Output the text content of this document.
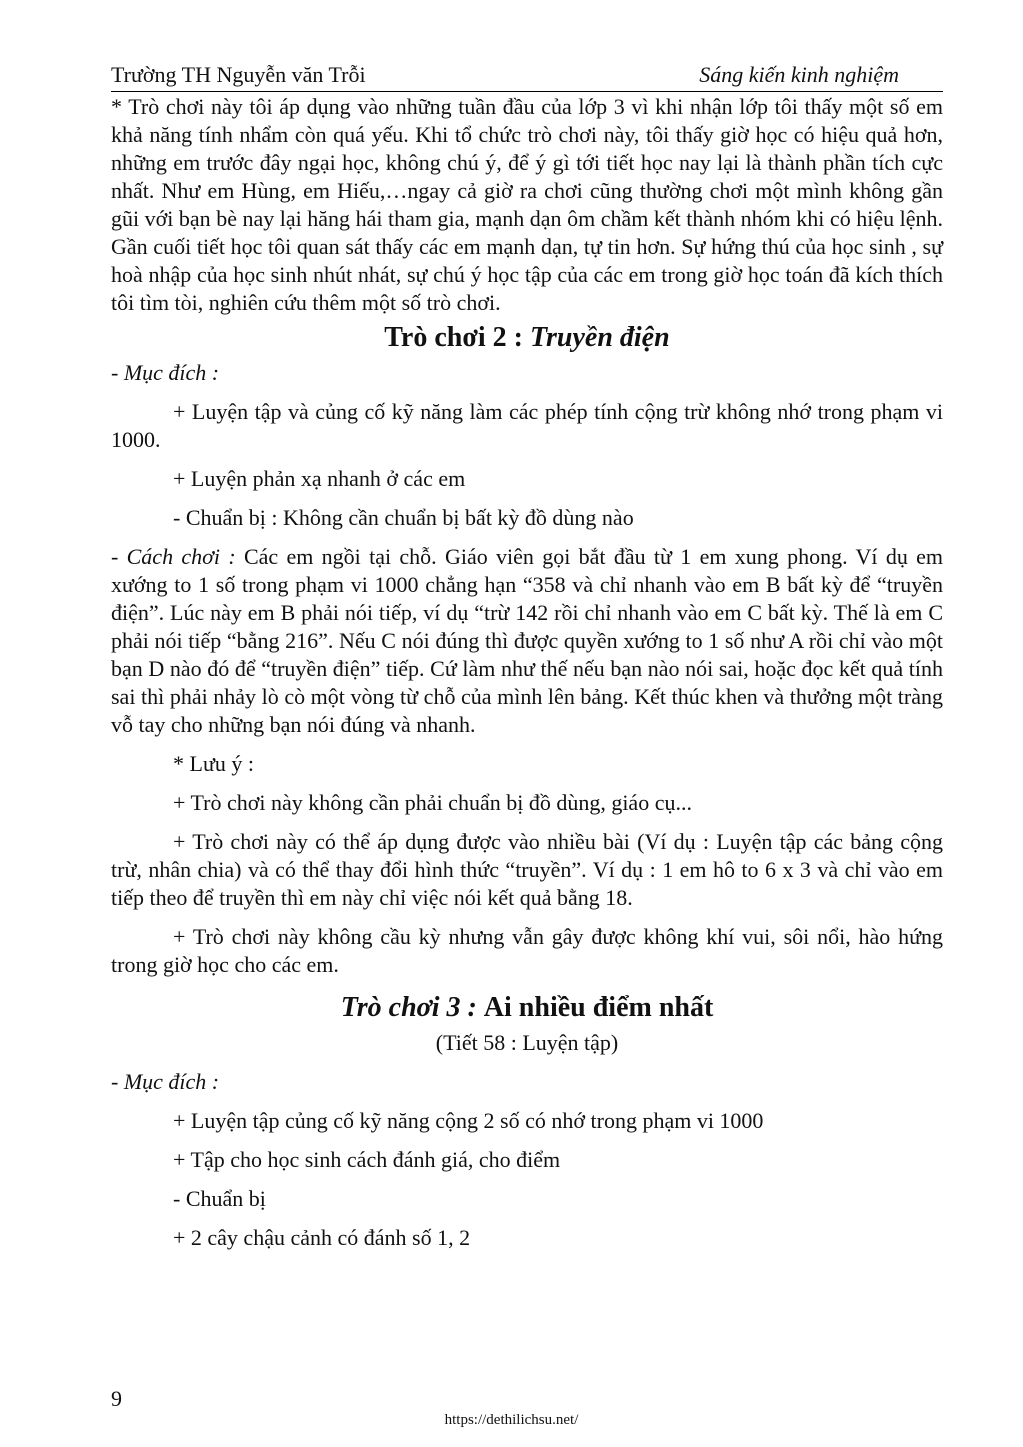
Trường TH Nguyễn văn Trỗi	Sáng kiến kinh nghiệm

* Trò chơi này tôi áp dụng vào những tuần đầu của lớp 3 vì khi nhận lớp tôi thấy một số em khả năng tính nhẩm còn quá yếu. Khi tổ chức trò chơi này, tôi thấy giờ học có hiệu quả hơn, những em trước đây ngại học, không chú ý, để ý gì tới tiết học nay lại là thành phần tích cực nhất. Như em Hùng, em Hiếu,…ngay cả giờ ra chơi cũng thường chơi một mình không gần gũi với bạn bè nay lại hăng hái tham gia, mạnh dạn ôm chầm kết thành nhóm khi có hiệu lệnh. Gần cuối tiết học tôi quan sát thấy các em mạnh dạn, tự tin hơn. Sự hứng thú của học sinh , sự hoà nhập của học sinh nhút nhát, sự chú ý học tập của các em trong giờ học toán đã kích thích tôi tìm tòi, nghiên cứu thêm một số trò chơi.

Trò chơi 2 : Truyền điện

- Mục đích :

+ Luyện tập và củng cố kỹ năng làm các phép tính cộng trừ không nhớ trong phạm vi 1000.

+ Luyện phản xạ nhanh ở các em

- Chuẩn bị : Không cần chuẩn bị bất kỳ đồ dùng nào

- Cách chơi : Các em ngồi tại chỗ. Giáo viên gọi bắt đầu từ 1 em xung phong. Ví dụ em xướng to 1 số trong phạm vi 1000 chẳng hạn “358 và chỉ nhanh vào em B bất kỳ để “truyền điện”. Lúc này em B phải nói tiếp, ví dụ “trừ 142 rồi chỉ nhanh vào em C bất kỳ. Thế là em C phải nói tiếp “bằng 216”. Nếu C nói đúng thì được quyền xướng to 1 số như A rồi chỉ vào một bạn D nào đó để “truyền điện” tiếp. Cứ làm như thế nếu bạn nào nói sai, hoặc đọc kết quả tính sai thì phải nhảy lò cò một vòng từ chỗ của mình lên bảng. Kết thúc khen và thưởng một tràng vỗ tay cho những bạn nói đúng và nhanh.

* Lưu ý :

+ Trò chơi này không cần phải chuẩn bị đồ dùng, giáo cụ...

+ Trò chơi này có thể áp dụng được vào nhiều bài (Ví dụ : Luyện tập các bảng cộng trừ, nhân chia) và có thể thay đổi hình thức “truyền”. Ví dụ : 1 em hô to 6 x 3 và chỉ vào em tiếp theo để truyền thì em này chỉ việc nói kết quả bằng 18.

+ Trò chơi này không cầu kỳ nhưng vẫn gây được không khí vui, sôi nổi, hào hứng trong giờ học cho các em.

Trò chơi 3 : Ai nhiều điểm nhất
(Tiết 58 : Luyện tập)

- Mục đích :

+ Luyện tập củng cố kỹ năng cộng 2 số có nhớ trong phạm vi 1000

+ Tập cho học sinh cách đánh giá, cho điểm

- Chuẩn bị

+ 2 cây chậu cảnh có đánh số 1, 2

9
https://dethilichsu.net/
